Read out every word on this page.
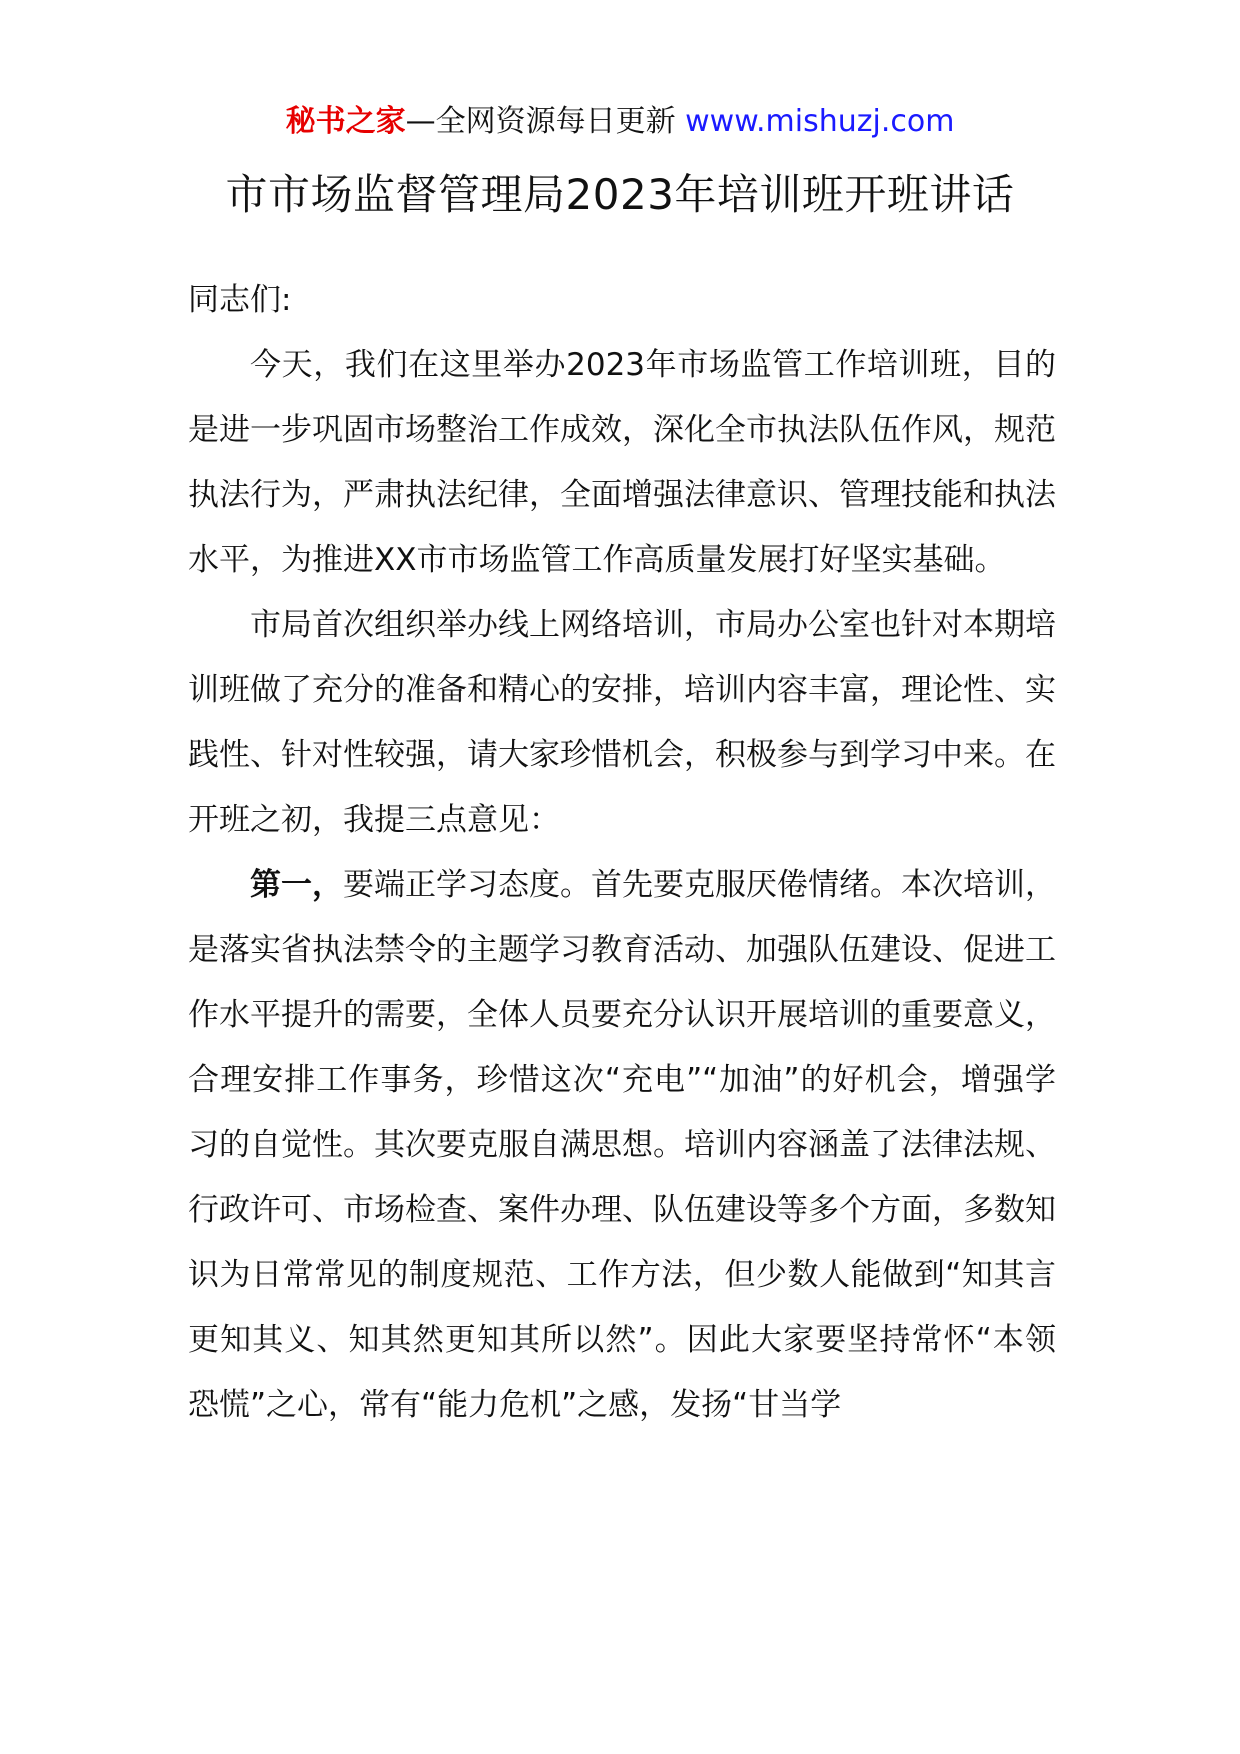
秘书之家—全网资源每日更新 www.mishuzj.com
市市场监督管理局2023年培训班开班讲话

同志们:

今天，我们在这里举办2023年市场监管工作培训班，目的是进一步巩固市场整治工作成效，深化全市执法队伍作风，规范执法行为，严肃执法纪律，全面增强法律意识、管理技能和执法水平，为推进XX市市场监管工作高质量发展打好坚实基础。

市局首次组织举办线上网络培训，市局办公室也针对本期培训班做了充分的准备和精心的安排，培训内容丰富，理论性、实践性、针对性较强，请大家珍惜机会，积极参与到学习中来。在开班之初，我提三点意见：

第一，要端正学习态度。首先要克服厌倦情绪。本次培训，是落实省执法禁令的主题学习教育活动、加强队伍建设、促进工作水平提升的需要，全体人员要充分认识开展培训的重要意义，合理安排工作事务，珍惜这次“充电”“加油”的好机会，增强学习的自觉性。其次要克服自满思想。培训内容涵盖了法律法规、行政许可、市场检查、案件办理、队伍建设等多个方面，多数知识为日常常见的制度规范、工作方法，但少数人能做到“知其言更知其义、知其然更知其所以然”。因此大家要坚持常怀“本领恐慌”之心，常有“能力危机”之感，发扬“甘当学
